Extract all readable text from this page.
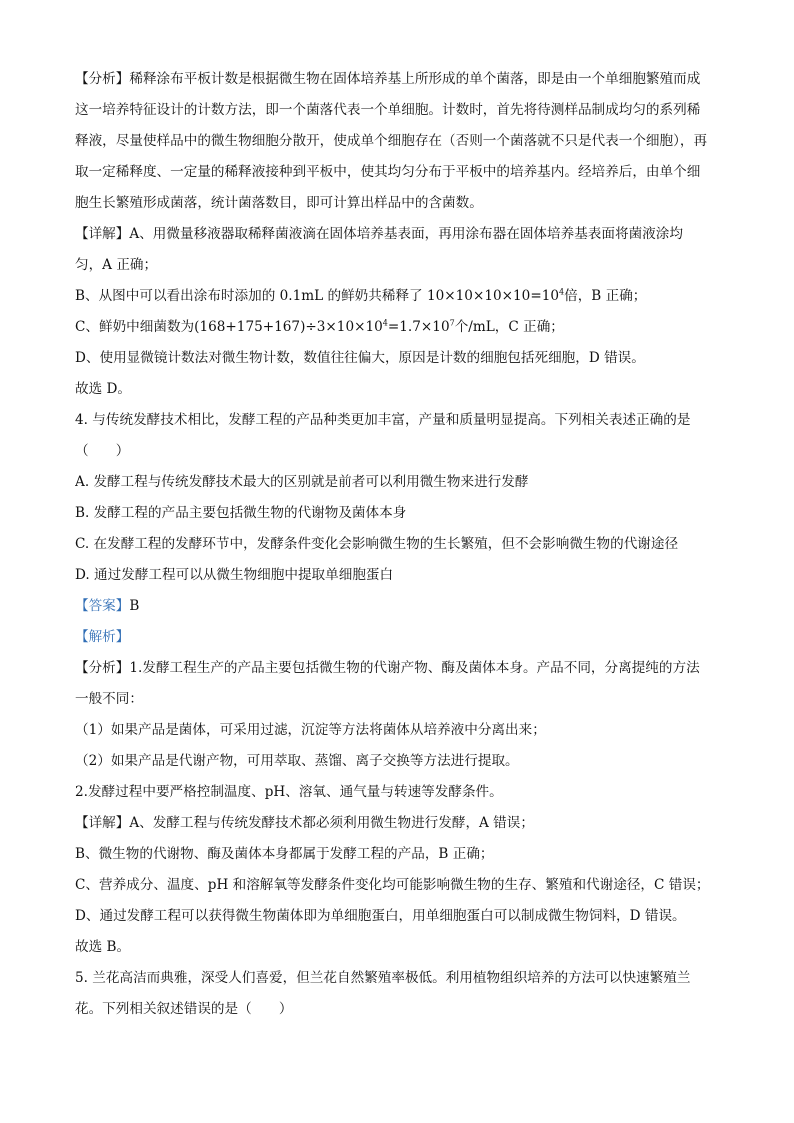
【分析】稀释涂布平板计数是根据微生物在固体培养基上所形成的单个菌落，即是由一个单细胞繁殖而成
这一培养特征设计的计数方法，即一个菌落代表一个单细胞。计数时，首先将待测样品制成均匀的系列稀
释液，尽量使样品中的微生物细胞分散开，使成单个细胞存在（否则一个菌落就不只是代表一个细胞），再
取一定稀释度、一定量的稀释液接种到平板中，使其均匀分布于平板中的培养基内。经培养后，由单个细
胞生长繁殖形成菌落，统计菌落数目，即可计算出样品中的含菌数。
【详解】A、用微量移液器取稀释菌液滴在固体培养基表面，再用涂布器在固体培养基表面将菌液涂均
匀，A 正确；
B、从图中可以看出涂布时添加的 0.1mL 的鲜奶共稀释了 $10\times 10\times 10\times 10=10^4$倍，B 正确；
C、鲜奶中细菌数为$(168+175+167)\div 3\times 10\times 10^4=1.7\times 10^7$个/mL，C 正确；
D、使用显微镜计数法对微生物计数，数值往往偏大，原因是计数的细胞包括死细胞，D 错误。
故选 D。
4. 与传统发酵技术相比，发酵工程的产品种类更加丰富，产量和质量明显提高。下列相关表述正确的是
（　　）
A. 发酵工程与传统发酵技术最大的区别就是前者可以利用微生物来进行发酵
B. 发酵工程的产品主要包括微生物的代谢物及菌体本身
C. 在发酵工程的发酵环节中，发酵条件变化会影响微生物的生长繁殖，但不会影响微生物的代谢途径
D. 通过发酵工程可以从微生物细胞中提取单细胞蛋白
【答案】B
【解析】
【分析】1.发酵工程生产的产品主要包括微生物的代谢产物、酶及菌体本身。产品不同，分离提纯的方法
一般不同：
（1）如果产品是菌体，可采用过滤，沉淀等方法将菌体从培养液中分离出来；
（2）如果产品是代谢产物，可用萃取、蒸馏、离子交换等方法进行提取。
2.发酵过程中要严格控制温度、pH、溶氧、通气量与转速等发酵条件。
【详解】A、发酵工程与传统发酵技术都必须利用微生物进行发酵，A 错误；
B、微生物的代谢物、酶及菌体本身都属于发酵工程的产品，B 正确；
C、营养成分、温度、pH 和溶解氧等发酵条件变化均可能影响微生物的生存、繁殖和代谢途径，C 错误；
D、通过发酵工程可以获得微生物菌体即为单细胞蛋白，用单细胞蛋白可以制成微生物饲料，D 错误。
故选 B。
5. 兰花高洁而典雅，深受人们喜爱，但兰花自然繁殖率极低。利用植物组织培养的方法可以快速繁殖兰
花。下列相关叙述错误的是（　　）
